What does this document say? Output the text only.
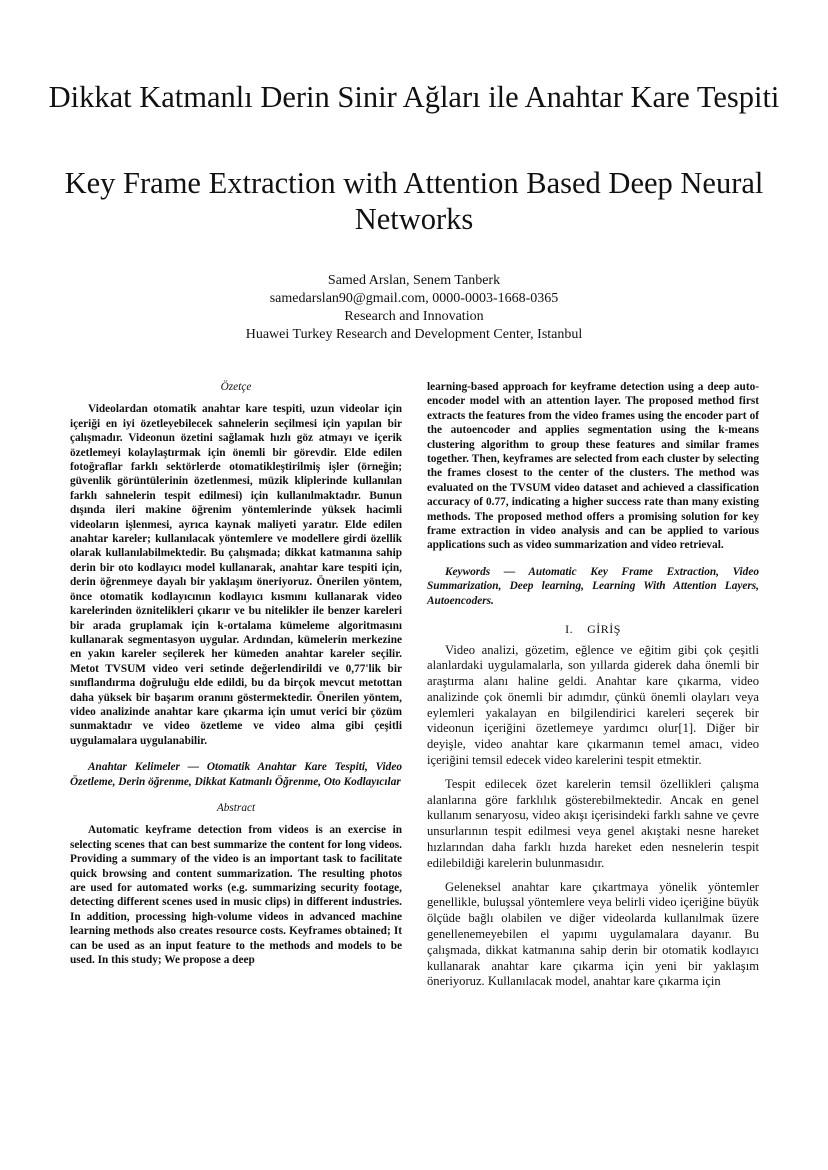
Dikkat Katmanlı Derin Sinir Ağları ile Anahtar Kare Tespiti
Key Frame Extraction with Attention Based Deep Neural Networks
Samed Arslan, Senem Tanberk
samedarslan90@gmail.com, 0000-0003-1668-0365
Research and Innovation
Huawei Turkey Research and Development Center, Istanbul

Özetçe

Videolardan otomatik anahtar kare tespiti, uzun videolar için içeriği en iyi özetleyebilecek sahnelerin seçilmesi için yapılan bir çalışmadır. Videonun özetini sağlamak hızlı göz atmayı ve içerik özetlemeyi kolaylaştırmak için önemli bir görevdir. Elde edilen fotoğraflar farklı sektörlerde otomatikleştirilmiş işler (örneğin; güvenlik görüntülerinin özetlenmesi, müzik kliplerinde kullanılan farklı sahnelerin tespit edilmesi) için kullanılmaktadır. Bunun dışında ileri makine öğrenim yöntemlerinde yüksek hacimli videoların işlenmesi, ayrıca kaynak maliyeti yaratır. Elde edilen anahtar kareler; kullanılacak yöntemlere ve modellere girdi özellik olarak kullanılabilmektedir. Bu çalışmada; dikkat katmanına sahip derin bir oto kodlayıcı model kullanarak, anahtar kare tespiti için, derin öğrenmeye dayalı bir yaklaşım öneriyoruz. Önerilen yöntem, önce otomatik kodlayıcının kodlayıcı kısmını kullanarak video karelerinden öznitelikleri çıkarır ve bu nitelikler ile benzer kareleri bir arada gruplamak için k-ortalama kümeleme algoritmasını kullanarak segmentasyon uygular. Ardından, kümelerin merkezine en yakın kareler seçilerek her kümeden anahtar kareler seçilir. Metot TVSUM video veri setinde değerlendirildi ve 0,77'lik bir sınıflandırma doğruluğu elde edildi, bu da birçok mevcut metottan daha yüksek bir başarım oranını göstermektedir. Önerilen yöntem, video analizinde anahtar kare çıkarma için umut verici bir çözüm sunmaktadır ve video özetleme ve video alma gibi çeşitli uygulamalara uygulanabilir.

Anahtar Kelimeler — Otomatik Anahtar Kare Tespiti, Video Özetleme, Derin öğrenme, Dikkat Katmanlı Öğrenme, Oto Kodlayıcılar

Abstract

Automatic keyframe detection from videos is an exercise in selecting scenes that can best summarize the content for long videos. Providing a summary of the video is an important task to facilitate quick browsing and content summarization. The resulting photos are used for automated works (e.g. summarizing security footage, detecting different scenes used in music clips) in different industries. In addition, processing high-volume videos in advanced machine learning methods also creates resource costs. Keyframes obtained; It can be used as an input feature to the methods and models to be used. In this study; We propose a deep

learning-based approach for keyframe detection using a deep auto-encoder model with an attention layer. The proposed method first extracts the features from the video frames using the encoder part of the autoencoder and applies segmentation using the k-means clustering algorithm to group these features and similar frames together. Then, keyframes are selected from each cluster by selecting the frames closest to the center of the clusters. The method was evaluated on the TVSUM video dataset and achieved a classification accuracy of 0.77, indicating a higher success rate than many existing methods. The proposed method offers a promising solution for key frame extraction in video analysis and can be applied to various applications such as video summarization and video retrieval.

Keywords — Automatic Key Frame Extraction, Video Summarization, Deep learning, Learning With Attention Layers, Autoencoders.

I. GİRİŞ

Video analizi, gözetim, eğlence ve eğitim gibi çok çeşitli alanlardaki uygulamalarla, son yıllarda giderek daha önemli bir araştırma alanı haline geldi. Anahtar kare çıkarma, video analizinde çok önemli bir adımdır, çünkü önemli olayları veya eylemleri yakalayan en bilgilendirici kareleri seçerek bir videonun içeriğini özetlemeye yardımcı olur[1]. Diğer bir deyişle, video anahtar kare çıkarmanın temel amacı, video içeriğini temsil edecek video karelerini tespit etmektir.

Tespit edilecek özet karelerin temsil özellikleri çalışma alanlarına göre farklılık gösterebilmektedir. Ancak en genel kullanım senaryosu, video akışı içerisindeki farklı sahne ve çevre unsurlarının tespit edilmesi veya genel akıştaki nesne hareket hızlarından daha farklı hızda hareket eden nesnelerin tespit edilebildiği karelerin bulunmasıdır.

Geleneksel anahtar kare çıkartmaya yönelik yöntemler genellikle, buluşsal yöntemlere veya belirli video içeriğine büyük ölçüde bağlı olabilen ve diğer videolarda kullanılmak üzere genellenemeyebilen el yapımı uygulamalara dayanır. Bu çalışmada, dikkat katmanına sahip derin bir otomatik kodlayıcı kullanarak anahtar kare çıkarma için yeni bir yaklaşım öneriyoruz. Kullanılacak model, anahtar kare çıkarma için
